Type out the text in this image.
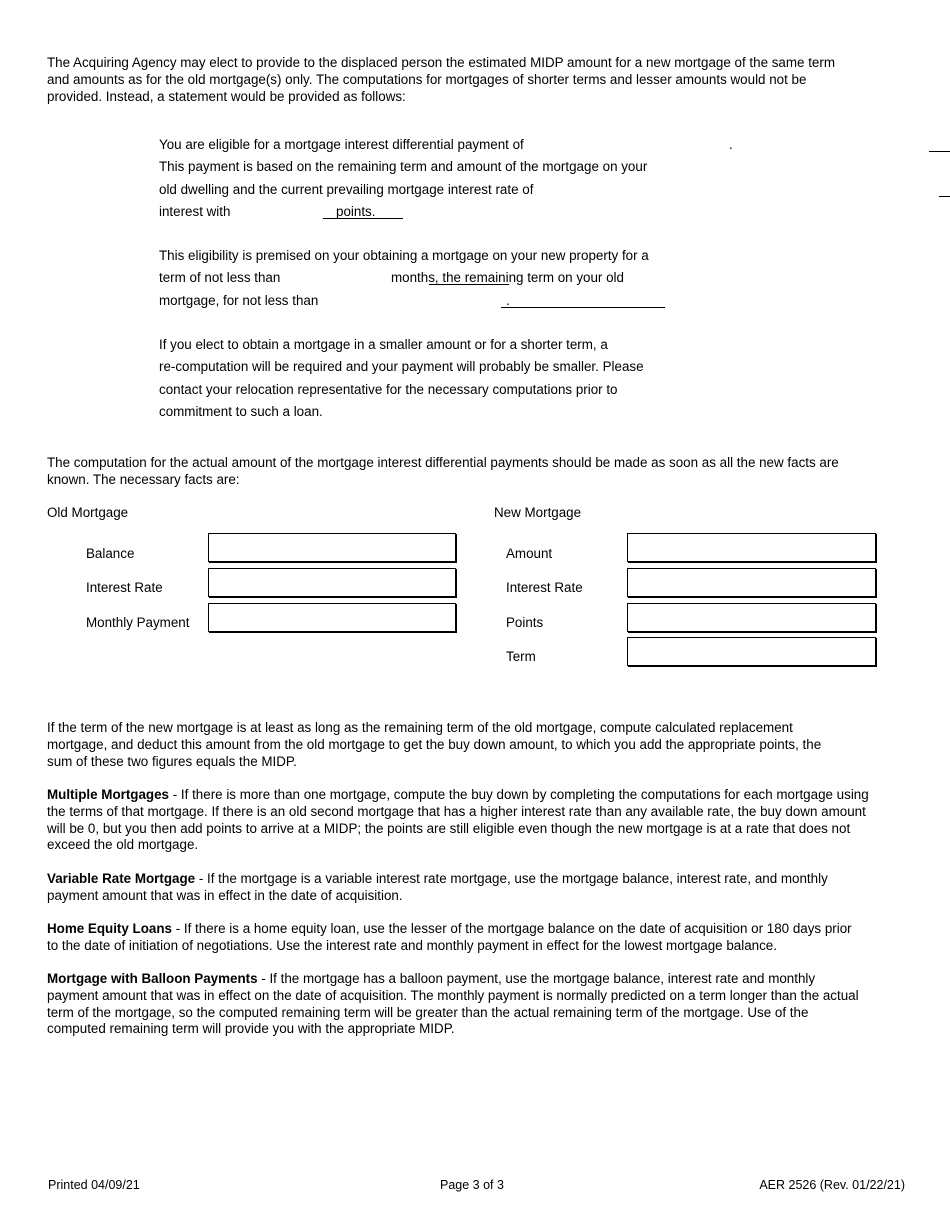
The Acquiring Agency may elect to provide to the displaced person the estimated MIDP amount for a new mortgage of the same term and amounts as for the old mortgage(s) only. The computations for mortgages of shorter terms and lesser amounts would not be provided. Instead, a statement would be provided as follows:

You are eligible for a mortgage interest differential payment of	.
This payment is based on the remaining term and amount of the mortgage on your
old dwelling and the current prevailing mortgage interest rate of
interest with	points.
This eligibility is premised on your obtaining a mortgage on your new property for a
term of not less than	months, the remaining term on your old
mortgage, for not less than	.
If you elect to obtain a mortgage in a smaller amount or for a shorter term, a
re-computation will be required and your payment will probably be smaller. Please
contact your relocation representative for the necessary computations prior to
commitment to such a loan.

The computation for the actual amount of the mortgage interest differential payments should be made as soon as all the new facts are known. The necessary facts are:

Old Mortgage
Balance
Interest Rate
Monthly Payment
New Mortgage
Amount
Interest Rate
Points
Term

If the term of the new mortgage is at least as long as the remaining term of the old mortgage, compute calculated replacement mortgage, and deduct this amount from the old mortgage to get the buy down amount, to which you add the appropriate points, the sum of these two figures equals the MIDP.

Multiple Mortgages - If there is more than one mortgage, compute the buy down by completing the computations for each mortgage using the terms of that mortgage. If there is an old second mortgage that has a higher interest rate than any available rate, the buy down amount will be 0, but you then add points to arrive at a MIDP; the points are still eligible even though the new mortgage is at a rate that does not exceed the old mortgage.

Variable Rate Mortgage - If the mortgage is a variable interest rate mortgage, use the mortgage balance, interest rate, and monthly payment amount that was in effect in the date of acquisition.

Home Equity Loans - If there is a home equity loan, use the lesser of the mortgage balance on the date of acquisition or 180 days prior to the date of initiation of negotiations. Use the interest rate and monthly payment in effect for the lowest mortgage balance.

Mortgage with Balloon Payments - If the mortgage has a balloon payment, use the mortgage balance, interest rate and monthly payment amount that was in effect on the date of acquisition. The monthly payment is normally predicted on a term longer than the actual term of the mortgage, so the computed remaining term will be greater than the actual remaining term of the mortgage. Use of the computed remaining term will provide you with the appropriate MIDP.

Printed 04/09/21	Page 3 of 3	AER 2526 (Rev. 01/22/21)
